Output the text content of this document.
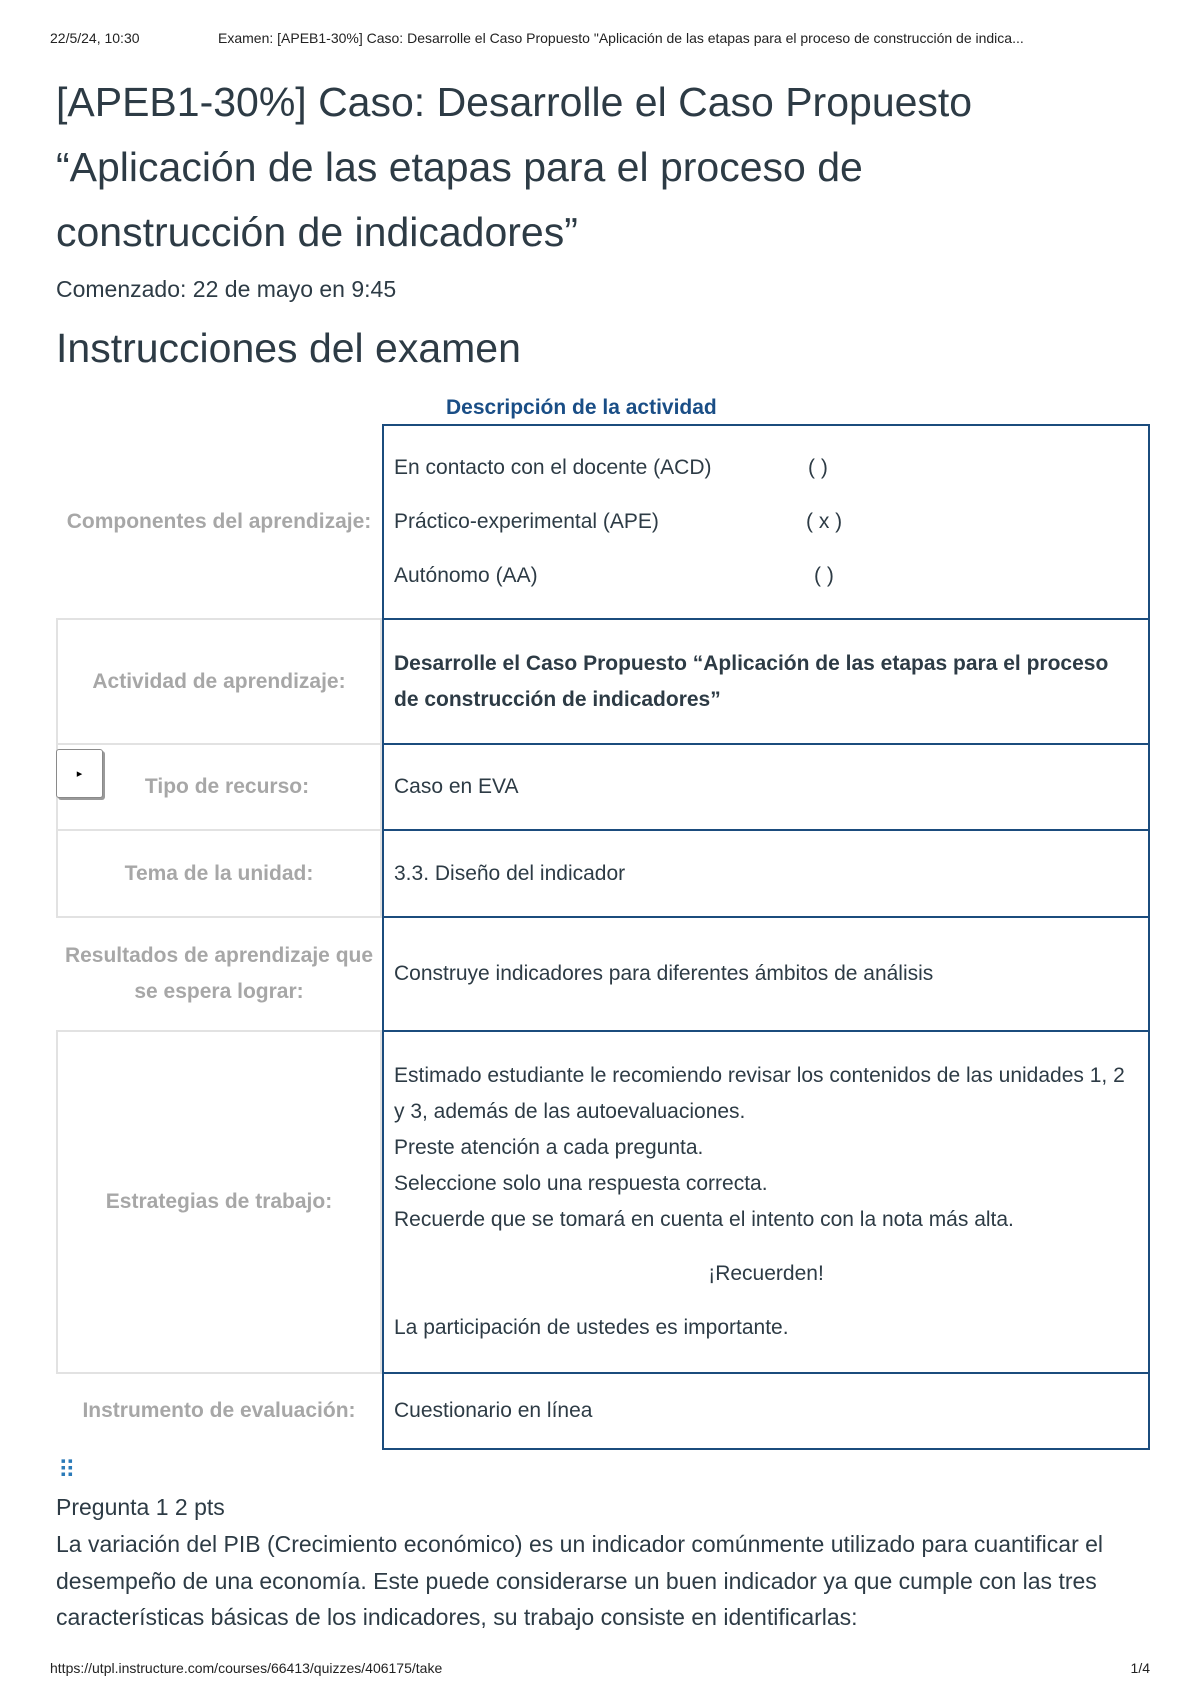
22/5/24, 10:30	Examen: [APEB1-30%] Caso: Desarrolle el Caso Propuesto "Aplicación de las etapas para el proceso de construcción de indica...
[APEB1-30%] Caso: Desarrolle el Caso Propuesto
“Aplicación de las etapas para el proceso de
construcción de indicadores”
Comenzado: 22 de mayo en 9:45
Instrucciones del examen
Descripción de la actividad
Componentes del aprendizaje:
En contacto con el docente (ACD)	( )
Práctico-experimental (APE)	( x )
Autónomo (AA)	( )
Actividad de aprendizaje:
Desarrolle el Caso Propuesto “Aplicación de las etapas para el proceso de construcción de indicadores”
Tipo de recurso:	Caso en EVA
▸
Tema de la unidad:	3.3. Diseño del indicador
Resultados de aprendizaje que se espera lograr:
Construye indicadores para diferentes ámbitos de análisis
Estrategias de trabajo:
Estimado estudiante le recomiendo revisar los contenidos de las unidades 1, 2 y 3, además de las autoevaluaciones.
Preste atención a cada pregunta.
Seleccione solo una respuesta correcta.
Recuerde que se tomará en cuenta el intento con la nota más alta.
¡Recuerden!
La participación de ustedes es importante.
Instrumento de evaluación:	Cuestionario en línea
⠿
Pregunta 1 2 pts
La variación del PIB (Crecimiento económico) es un indicador comúnmente utilizado para cuantificar el desempeño de una economía. Este puede considerarse un buen indicador ya que cumple con las tres características básicas de los indicadores, su trabajo consiste en identificarlas:
https://utpl.instructure.com/courses/66413/quizzes/406175/take	1/4
